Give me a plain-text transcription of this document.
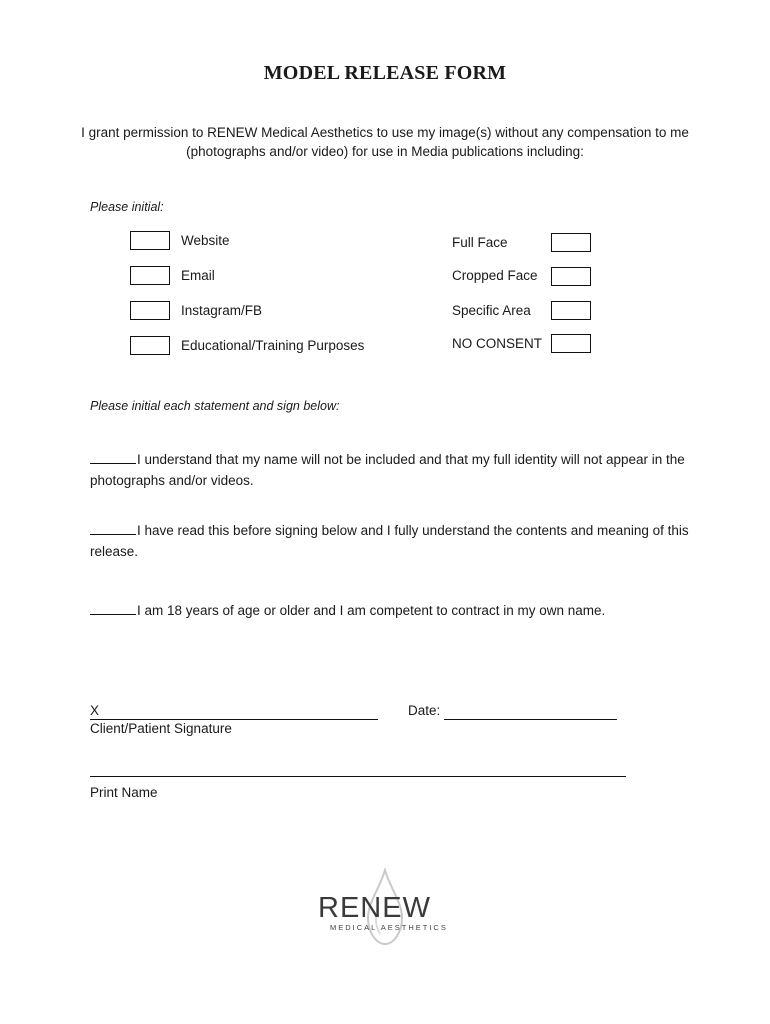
MODEL RELEASE FORM
I grant permission to RENEW Medical Aesthetics to use my image(s) without any compensation to me (photographs and/or video) for use in Media publications including:
Please initial:
Website
Email
Instagram/FB
Educational/Training Purposes
Full Face
Cropped Face
Specific Area
NO CONSENT
Please initial each statement and sign below:
I understand that my name will not be included and that my full identity will not appear in the photographs and/or videos.
I have read this before signing below and I fully understand the contents and meaning of this release.
I am 18 years of age or older and I am competent to contract in my own name.
X
Client/Patient Signature
Date:
Print Name
RENEW
MEDICAL AESTHETICS
